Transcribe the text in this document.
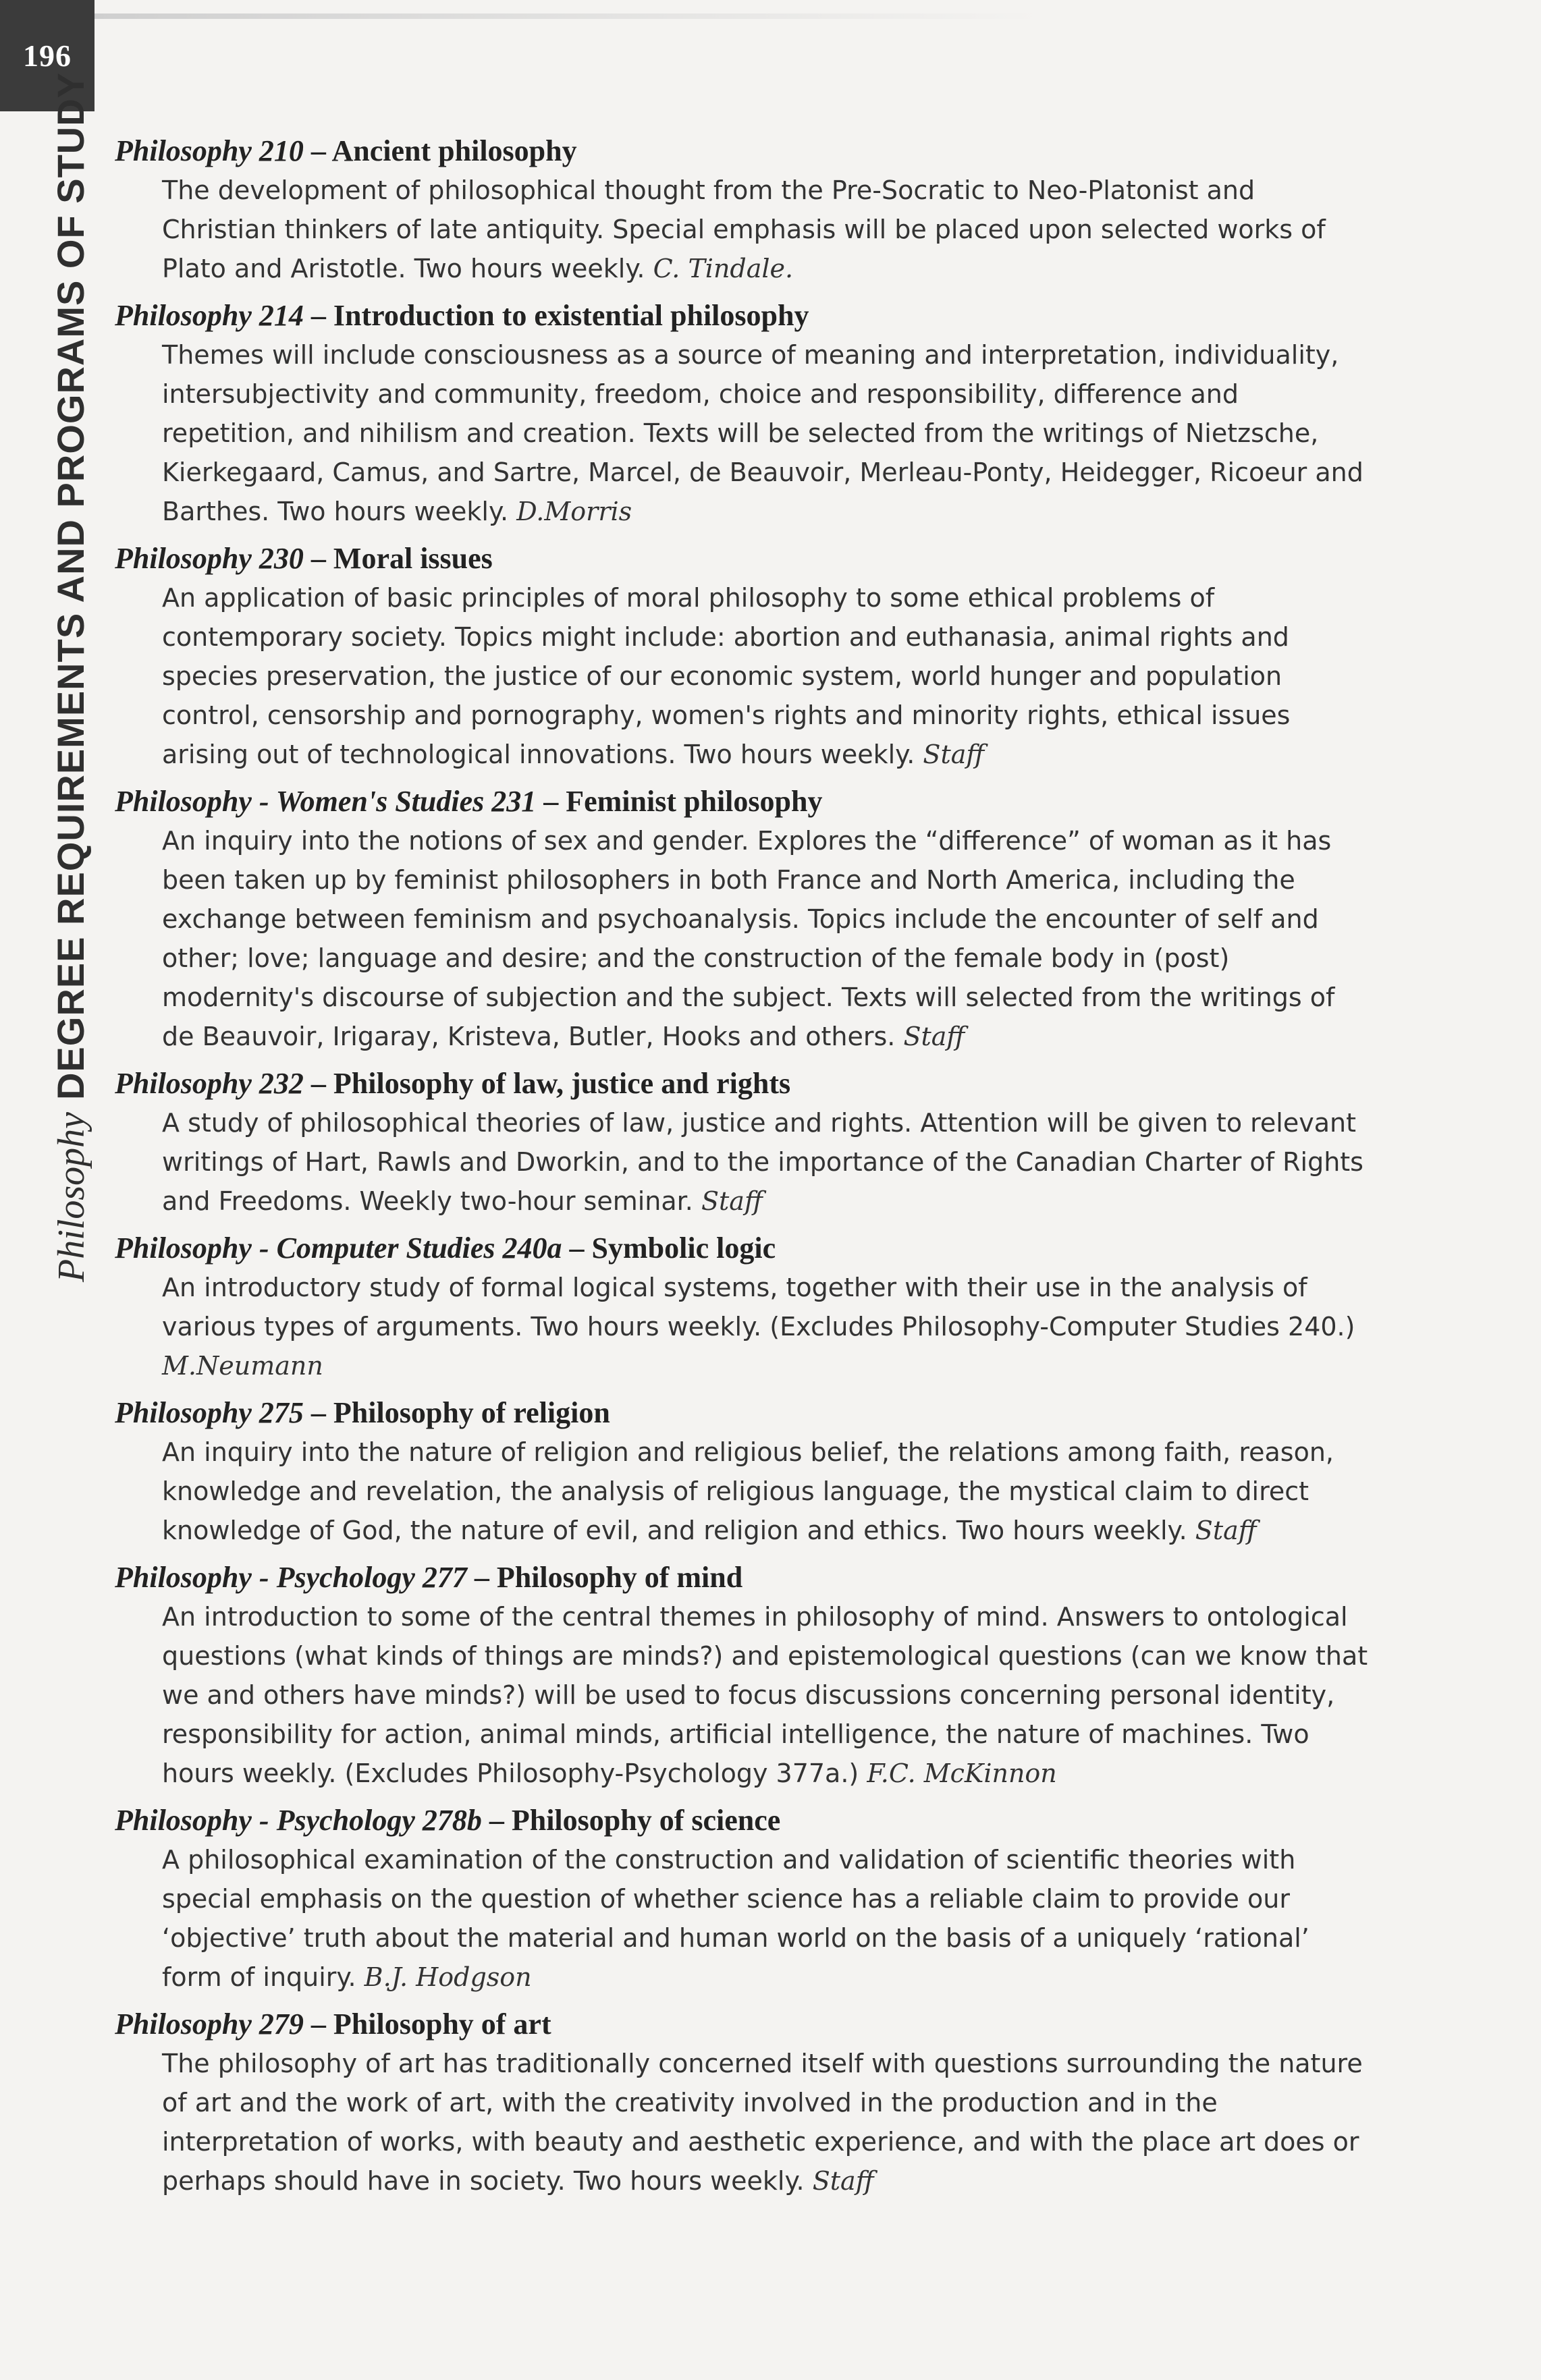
196
PhilosophyDEGREE REQUIREMENTS AND PROGRAMS OF STUDY Philosophy 210 – Ancient philosophy
The development of philosophical thought from the Pre-Socratic to Neo-Platonist and Christian thinkers of late antiquity. Special emphasis will be placed upon selected works of Plato and Aristotle. Two hours weekly. C. Tindale.
Philosophy 214 – Introduction to existential philosophy
Themes will include consciousness as a source of meaning and interpretation, individuality, intersubjectivity and community, freedom, choice and responsibility, difference and repetition, and nihilism and creation. Texts will be selected from the writings of Nietzsche, Kierkegaard, Camus, and Sartre, Marcel, de Beauvoir, Merleau-Ponty, Heidegger, Ricoeur and Barthes. Two hours weekly. D.Morris
Philosophy 230 – Moral issues
An application of basic principles of moral philosophy to some ethical problems of contemporary society. Topics might include: abortion and euthanasia, animal rights and species preservation, the justice of our economic system, world hunger and population control, censorship and pornography, women's rights and minority rights, ethical issues arising out of technological innovations. Two hours weekly. Staff
Philosophy - Women's Studies 231 – Feminist philosophy
An inquiry into the notions of sex and gender. Explores the “difference” of woman as it has been taken up by feminist philosophers in both France and North America, including the exchange between feminism and psychoanalysis. Topics include the encounter of self and other; love; language and desire; and the construction of the female body in (post) modernity's discourse of subjection and the subject. Texts will selected from the writings of de Beauvoir, Irigaray, Kristeva, Butler, Hooks and others. Staff
Philosophy 232 – Philosophy of law, justice and rights
A study of philosophical theories of law, justice and rights. Attention will be given to relevant writings of Hart, Rawls and Dworkin, and to the importance of the Canadian Charter of Rights and Freedoms. Weekly two-hour seminar. Staff
Philosophy - Computer Studies 240a – Symbolic logic
An introductory study of formal logical systems, together with their use in the analysis of various types of arguments. Two hours weekly. (Excludes Philosophy-Computer Studies 240.) M.Neumann
Philosophy 275 – Philosophy of religion
An inquiry into the nature of religion and religious belief, the relations among faith, reason, knowledge and revelation, the analysis of religious language, the mystical claim to direct knowledge of God, the nature of evil, and religion and ethics. Two hours weekly. Staff
Philosophy - Psychology 277 – Philosophy of mind
An introduction to some of the central themes in philosophy of mind. Answers to ontological questions (what kinds of things are minds?) and epistemological questions (can we know that we and others have minds?) will be used to focus discussions concerning personal identity, responsibility for action, animal minds, artificial intelligence, the nature of machines. Two hours weekly. (Excludes Philosophy-Psychology 377a.) F.C. McKinnon
Philosophy - Psychology 278b – Philosophy of science
A philosophical examination of the construction and validation of scientific theories with special emphasis on the question of whether science has a reliable claim to provide our ‘objective’ truth about the material and human world on the basis of a uniquely ‘rational’ form of inquiry. B.J. Hodgson
Philosophy 279 – Philosophy of art
The philosophy of art has traditionally concerned itself with questions surrounding the nature of art and the work of art, with the creativity involved in the production and in the interpretation of works, with beauty and aesthetic experience, and with the place art does or perhaps should have in society. Two hours weekly. Staff
